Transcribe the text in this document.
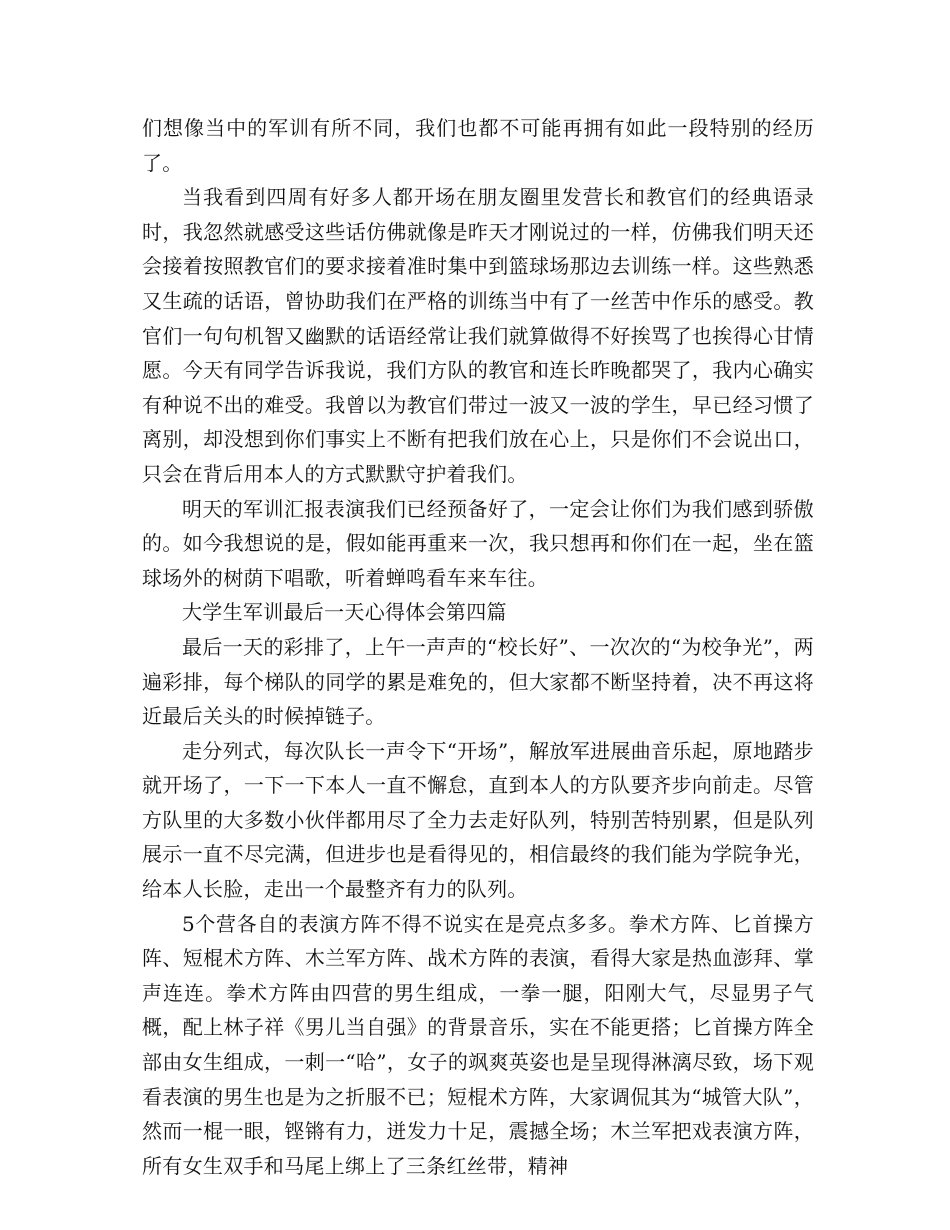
们想像当中的军训有所不同，我们也都不可能再拥有如此一段特别的经历了。

当我看到四周有好多人都开场在朋友圈里发营长和教官们的经典语录时，我忽然就感受这些话仿佛就像是昨天才刚说过的一样，仿佛我们明天还会接着按照教官们的要求接着准时集中到篮球场那边去训练一样。这些熟悉又生疏的话语，曾协助我们在严格的训练当中有了一丝苦中作乐的感受。教官们一句句机智又幽默的话语经常让我们就算做得不好挨骂了也挨得心甘情愿。今天有同学告诉我说，我们方队的教官和连长昨晚都哭了，我内心确实有种说不出的难受。我曾以为教官们带过一波又一波的学生，早已经习惯了离别，却没想到你们事实上不断有把我们放在心上，只是你们不会说出口，只会在背后用本人的方式默默守护着我们。

明天的军训汇报表演我们已经预备好了，一定会让你们为我们感到骄傲的。如今我想说的是，假如能再重来一次，我只想再和你们在一起，坐在篮球场外的树荫下唱歌，听着蝉鸣看车来车往。

大学生军训最后一天心得体会第四篇

最后一天的彩排了，上午一声声的“校长好”、一次次的“为校争光”，两遍彩排，每个梯队的同学的累是难免的，但大家都不断坚持着，决不再这将近最后关头的时候掉链子。

走分列式，每次队长一声令下“开场”，解放军进展曲音乐起，原地踏步就开场了，一下一下本人一直不懈怠，直到本人的方队要齐步向前走。尽管方队里的大多数小伙伴都用尽了全力去走好队列，特别苦特别累，但是队列展示一直不尽完满，但进步也是看得见的，相信最终的我们能为学院争光，给本人长脸，走出一个最整齐有力的队列。

5个营各自的表演方阵不得不说实在是亮点多多。拳术方阵、匕首操方阵、短棍术方阵、木兰军方阵、战术方阵的表演，看得大家是热血澎拜、掌声连连。拳术方阵由四营的男生组成，一拳一腿，阳刚大气，尽显男子气概，配上林子祥《男儿当自强》的背景音乐，实在不能更搭；匕首操方阵全部由女生组成，一刺一“哈”，女子的飒爽英姿也是呈现得淋漓尽致，场下观看表演的男生也是为之折服不已；短棍术方阵，大家调侃其为“城管大队”，然而一棍一眼，铿锵有力，迸发力十足，震撼全场；木兰军把戏表演方阵，所有女生双手和马尾上绑上了三条红丝带，精神
